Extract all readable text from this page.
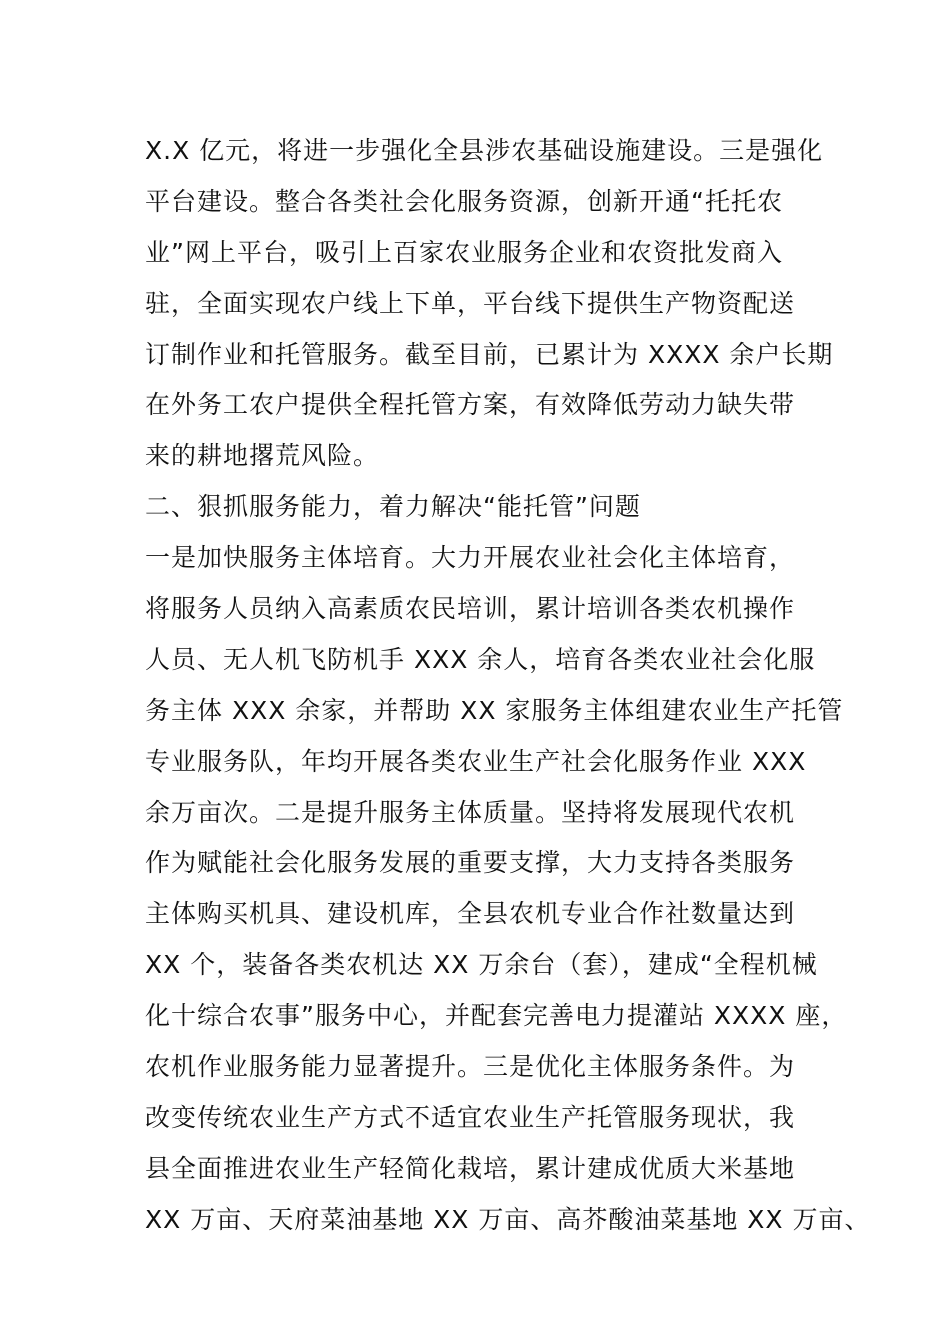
X.X 亿元，将进一步强化全县涉农基础设施建设。三是强化
平台建设。整合各类社会化服务资源，创新开通“托托农
业”网上平台，吸引上百家农业服务企业和农资批发商入
驻，全面实现农户线上下单，平台线下提供生产物资配送
订制作业和托管服务。截至目前，已累计为 XXXX 余户长期
在外务工农户提供全程托管方案，有效降低劳动力缺失带
来的耕地撂荒风险。
二、狠抓服务能力，着力解决“能托管”问题
一是加快服务主体培育。大力开展农业社会化主体培育，
将服务人员纳入高素质农民培训，累计培训各类农机操作
人员、无人机飞防机手 XXX 余人，培育各类农业社会化服
务主体 XXX 余家，并帮助 XX 家服务主体组建农业生产托管
专业服务队，年均开展各类农业生产社会化服务作业 XXX
余万亩次。二是提升服务主体质量。坚持将发展现代农机
作为赋能社会化服务发展的重要支撑，大力支持各类服务
主体购买机具、建设机库，全县农机专业合作社数量达到
XX 个，装备各类农机达 XX 万余台（套），建成“全程机械
化十综合农事”服务中心，并配套完善电力提灌站 XXXX 座，
农机作业服务能力显著提升。三是优化主体服务条件。为
改变传统农业生产方式不适宜农业生产托管服务现状，我
县全面推进农业生产轻简化栽培，累计建成优质大米基地
XX 万亩、天府菜油基地 XX 万亩、高芥酸油菜基地 XX 万亩、
